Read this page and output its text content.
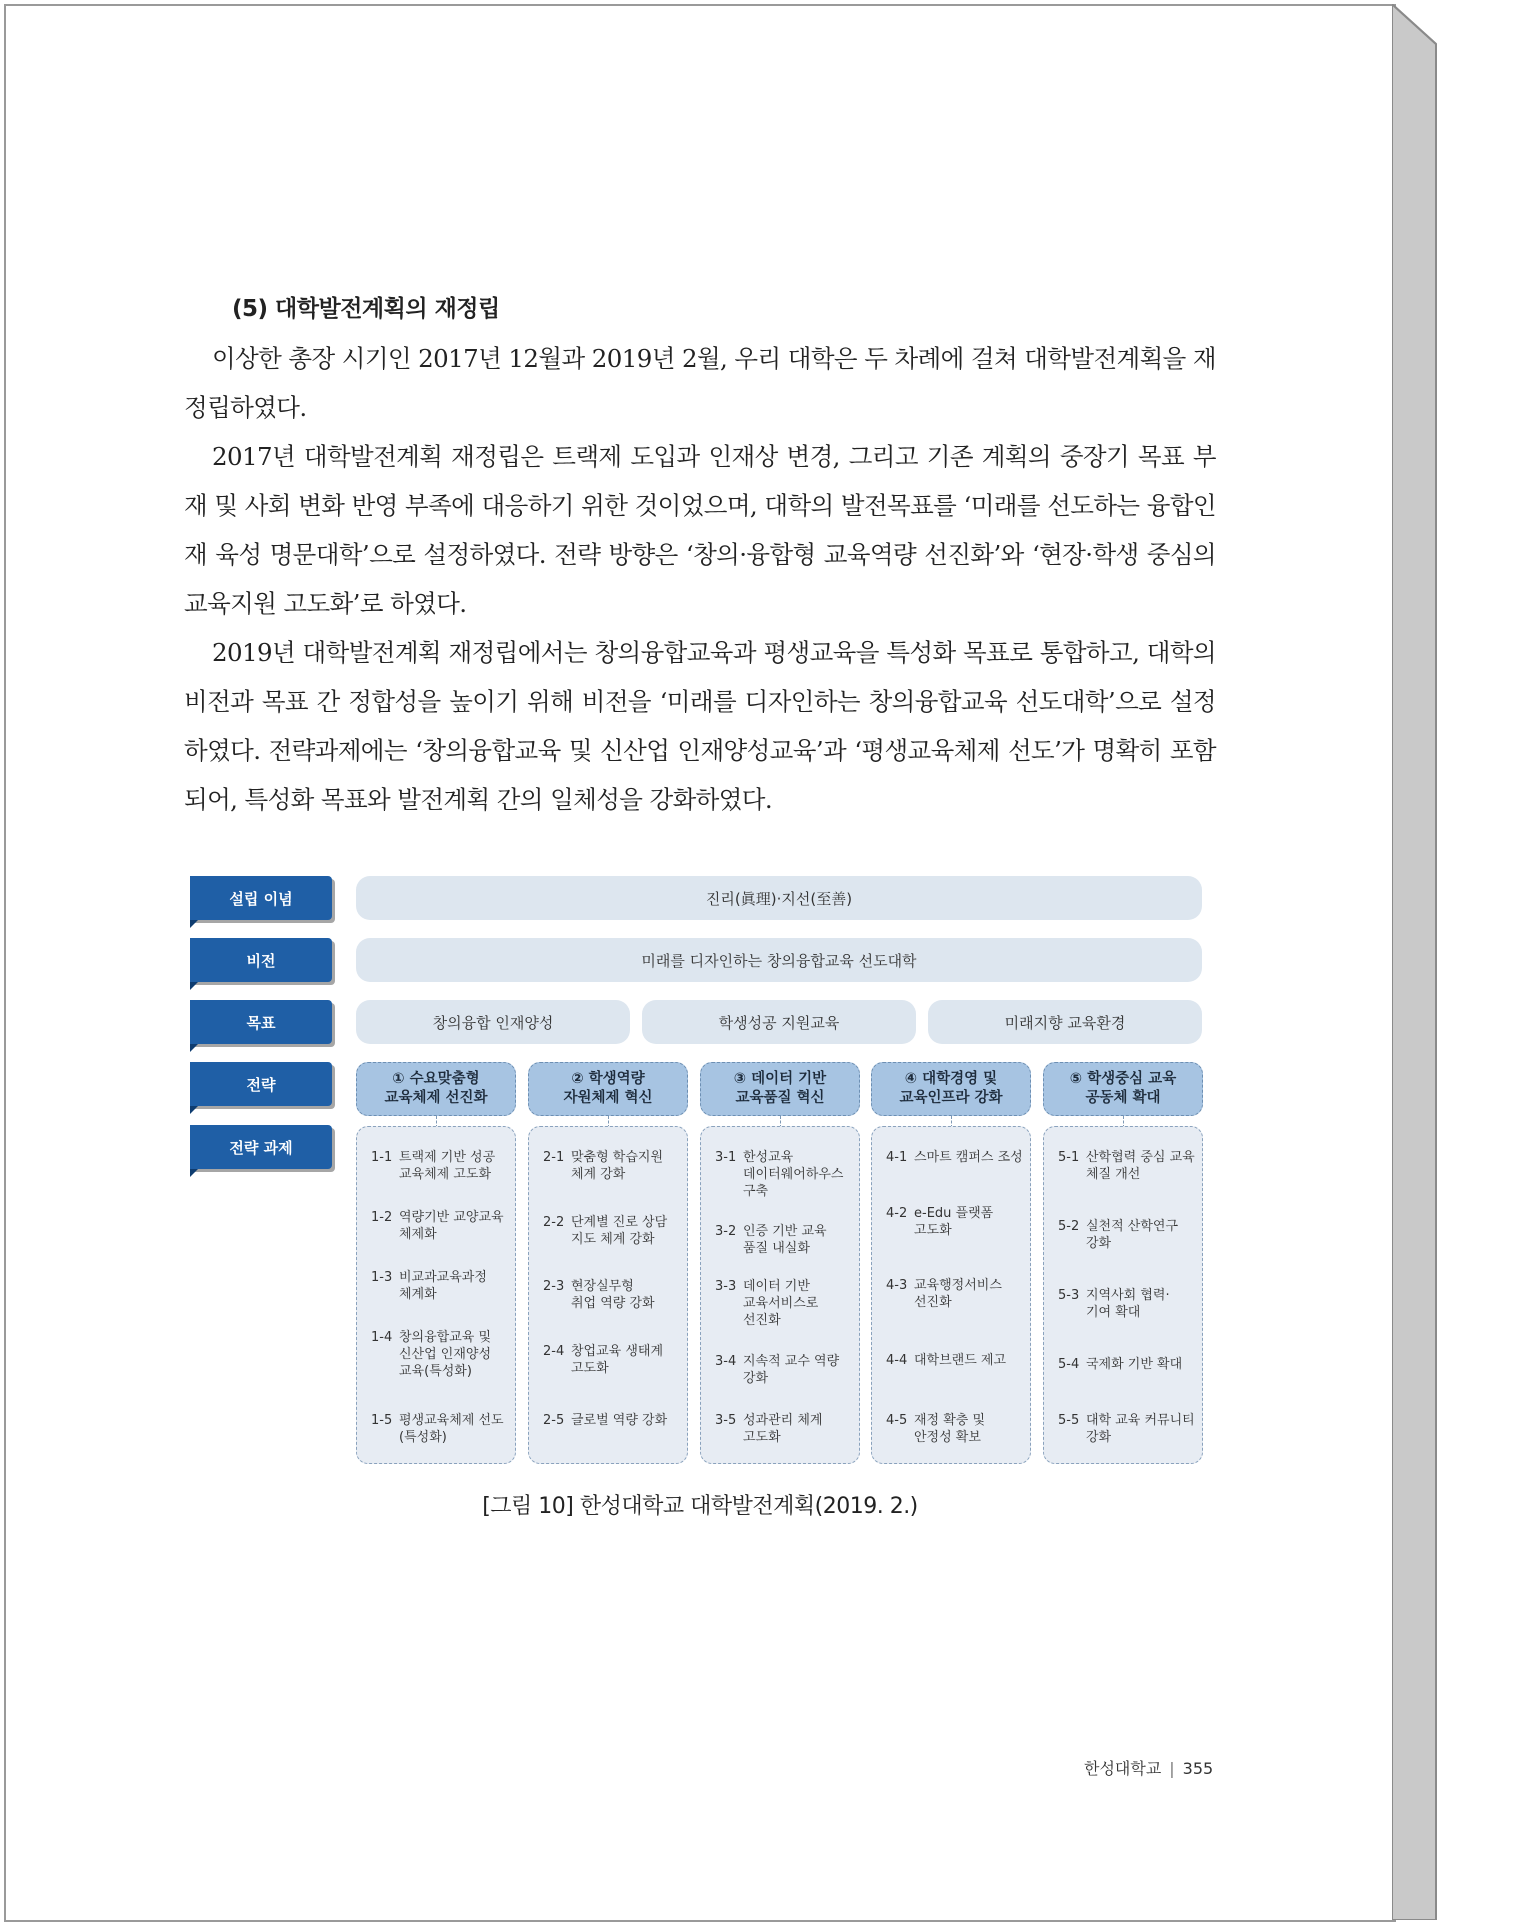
(5) 대학발전계획의 재정립

이상한 총장 시기인 2017년 12월과 2019년 2월, 우리 대학은 두 차례에 걸쳐 대학발전계획을 재정립하였다.

2017년 대학발전계획 재정립은 트랙제 도입과 인재상 변경, 그리고 기존 계획의 중장기 목표 부재 및 사회 변화 반영 부족에 대응하기 위한 것이었으며, 대학의 발전목표를 ‘미래를 선도하는 융합인재 육성 명문대학’으로 설정하였다. 전략 방향은 ‘창의·융합형 교육역량 선진화’와 ‘현장·학생 중심의 교육지원 고도화’로 하였다.

2019년 대학발전계획 재정립에서는 창의융합교육과 평생교육을 특성화 목표로 통합하고, 대학의 비전과 목표 간 정합성을 높이기 위해 비전을 ‘미래를 디자인하는 창의융합교육 선도대학’으로 설정하였다. 전략과제에는 ‘창의융합교육 및 신산업 인재양성교육’과 ‘평생교육체제 선도’가 명확히 포함되어, 특성화 목표와 발전계획 간의 일체성을 강화하였다.

설립 이념
비전
목표
전략
전략 과제
진리(眞理)·지선(至善)
미래를 디자인하는 창의융합교육 선도대학
창의융합 인재양성	학생성공 지원교육	미래지향 교육환경
① 수요맞춤형
교육체제 선진화
② 학생역량
자원체제 혁신
③ 데이터 기반
교육품질 혁신
④ 대학경영 및
교육인프라 강화
⑤ 학생중심 교육
공동체 확대
1-1 트랙제 기반 성공
교육체제 고도화
1-2 역량기반 교양교육
체제화
1-3 비교과교육과정
체계화
1-4 창의융합교육 및
신산업 인재양성
교육(특성화)
1-5 평생교육체제 선도
(특성화)
2-1 맞춤형 학습지원
체계 강화
2-2 단계별 진로 상담
지도 체계 강화
2-3 현장실무형
취업 역량 강화
2-4 창업교육 생태계
고도화
2-5 글로벌 역량 강화
3-1 한성교육
데이터웨어하우스
구축
3-2 인증 기반 교육
품질 내실화
3-3 데이터 기반
교육서비스로
선진화
3-4 지속적 교수 역량
강화
3-5 성과관리 체계
고도화
4-1 스마트 캠퍼스 조성
4-2 e-Edu 플랫폼
고도화
4-3 교육행정서비스
선진화
4-4 대학브랜드 제고
4-5 재정 확충 및
안정성 확보
5-1 산학협력 중심 교육
체질 개선
5-2 실천적 산학연구
강화
5-3 지역사회 협력·
기여 확대
5-4 국제화 기반 확대
5-5 대학 교육 커뮤니티
강화
[그림 10] 한성대학교 대학발전계획(2019. 2.)
한성대학교 | 355
